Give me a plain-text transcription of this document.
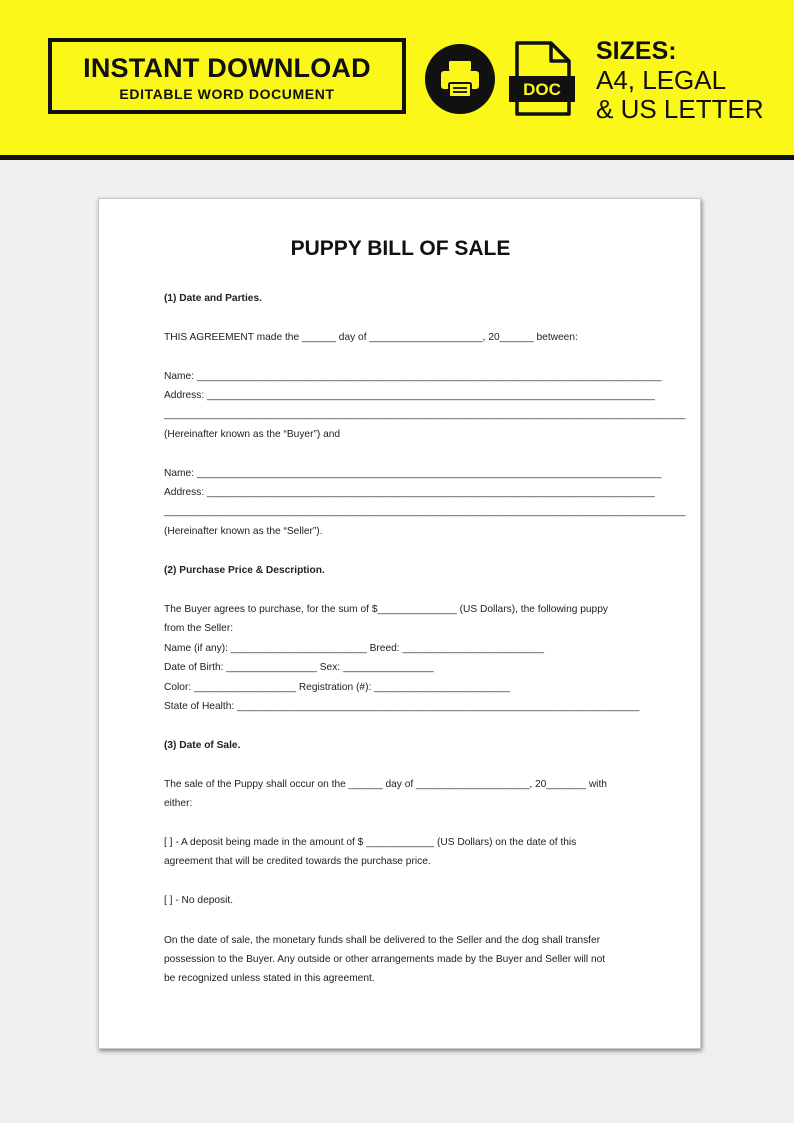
INSTANT DOWNLOAD
EDITABLE WORD DOCUMENT	DOC
SIZES:
A4, LEGAL
& US LETTER
PUPPY BILL OF SALE
(1) Date and Parties.
THIS AGREEMENT made the ______ day of ____________________, 20______ between:
Name: __________________________________________________________________________________
Address: _______________________________________________________________________________
____________________________________________________________________________________________
(Hereinafter known as the “Buyer”) and
Name: __________________________________________________________________________________
Address: _______________________________________________________________________________
____________________________________________________________________________________________
(Hereinafter known as the “Seller”).
(2) Purchase Price & Description.
The Buyer agrees to purchase, for the sum of $______________ (US Dollars), the following puppy
from the Seller:
Name (if any): ________________________ Breed: _________________________
Date of Birth: ________________ Sex: ________________
Color: __________________ Registration (#): ________________________
State of Health: _______________________________________________________________________
(3) Date of Sale.
The sale of the Puppy shall occur on the ______ day of ____________________, 20_______ with
either:
[ ] - A deposit being made in the amount of $ ____________ (US Dollars) on the date of this
agreement that will be credited towards the purchase price.
[ ] - No deposit.
On the date of sale, the monetary funds shall be delivered to the Seller and the dog shall transfer
possession to the Buyer. Any outside or other arrangements made by the Buyer and Seller will not
be recognized unless stated in this agreement.
